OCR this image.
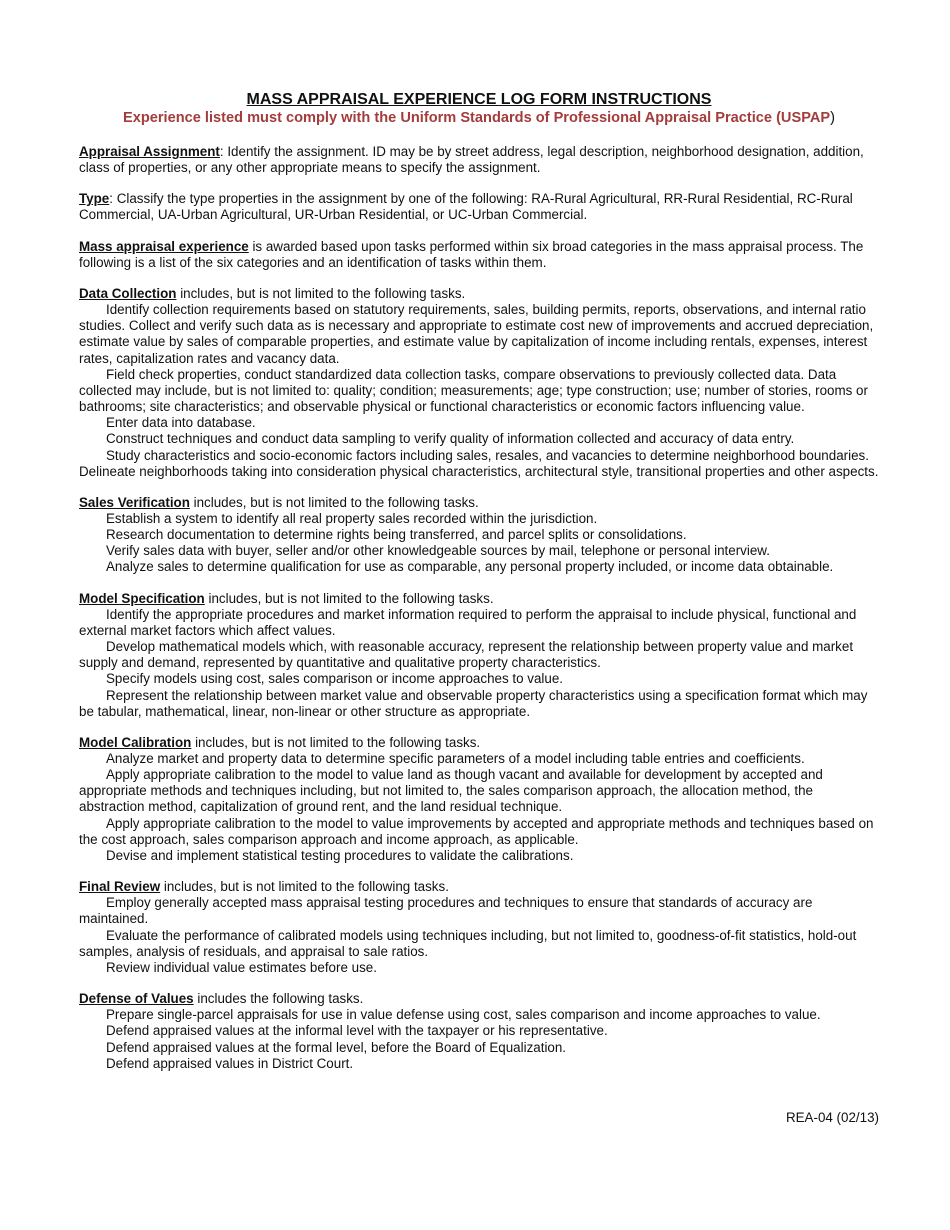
MASS APPRAISAL EXPERIENCE LOG FORM INSTRUCTIONS

Experience listed must comply with the Uniform Standards of Professional Appraisal Practice (USPAP)

Appraisal Assignment: Identify the assignment. ID may be by street address, legal description, neighborhood designation, addition, class of properties, or any other appropriate means to specify the assignment.

Type: Classify the type properties in the assignment by one of the following: RA-Rural Agricultural, RR-Rural Residential, RC-Rural Commercial, UA-Urban Agricultural, UR-Urban Residential, or UC-Urban Commercial.

Mass appraisal experience is awarded based upon tasks performed within six broad categories in the mass appraisal process. The following is a list of the six categories and an identification of tasks within them.

Data Collection includes, but is not limited to the following tasks.

Identify collection requirements based on statutory requirements, sales, building permits, reports, observations, and internal ratio studies. Collect and verify such data as is necessary and appropriate to estimate cost new of improvements and accrued depreciation, estimate value by sales of comparable properties, and estimate value by capitalization of income including rentals, expenses, interest rates, capitalization rates and vacancy data.

Field check properties, conduct standardized data collection tasks, compare observations to previously collected data. Data collected may include, but is not limited to: quality; condition; measurements; age; type construction; use; number of stories, rooms or bathrooms; site characteristics; and observable physical or functional characteristics or economic factors influencing value.

Enter data into database.

Construct techniques and conduct data sampling to verify quality of information collected and accuracy of data entry.

Study characteristics and socio-economic factors including sales, resales, and vacancies to determine neighborhood boundaries. Delineate neighborhoods taking into consideration physical characteristics, architectural style, transitional properties and other aspects.

Sales Verification includes, but is not limited to the following tasks.

Establish a system to identify all real property sales recorded within the jurisdiction.

Research documentation to determine rights being transferred, and parcel splits or consolidations.

Verify sales data with buyer, seller and/or other knowledgeable sources by mail, telephone or personal interview.

Analyze sales to determine qualification for use as comparable, any personal property included, or income data obtainable.

Model Specification includes, but is not limited to the following tasks.

Identify the appropriate procedures and market information required to perform the appraisal to include physical, functional and external market factors which affect values.

Develop mathematical models which, with reasonable accuracy, represent the relationship between property value and market supply and demand, represented by quantitative and qualitative property characteristics.

Specify models using cost, sales comparison or income approaches to value.

Represent the relationship between market value and observable property characteristics using a specification format which may be tabular, mathematical, linear, non-linear or other structure as appropriate.

Model Calibration includes, but is not limited to the following tasks.

Analyze market and property data to determine specific parameters of a model including table entries and coefficients.

Apply appropriate calibration to the model to value land as though vacant and available for development by accepted and appropriate methods and techniques including, but not limited to, the sales comparison approach, the allocation method, the abstraction method, capitalization of ground rent, and the land residual technique.

Apply appropriate calibration to the model to value improvements by accepted and appropriate methods and techniques based on the cost approach, sales comparison approach and income approach, as applicable.

Devise and implement statistical testing procedures to validate the calibrations.

Final Review includes, but is not limited to the following tasks.

Employ generally accepted mass appraisal testing procedures and techniques to ensure that standards of accuracy are maintained.

Evaluate the performance of calibrated models using techniques including, but not limited to, goodness-of-fit statistics, hold-out samples, analysis of residuals, and appraisal to sale ratios.

Review individual value estimates before use.

Defense of Values includes the following tasks.

Prepare single-parcel appraisals for use in value defense using cost, sales comparison and income approaches to value.

Defend appraised values at the informal level with the taxpayer or his representative.

Defend appraised values at the formal level, before the Board of Equalization.

Defend appraised values in District Court.

REA-04 (02/13)
